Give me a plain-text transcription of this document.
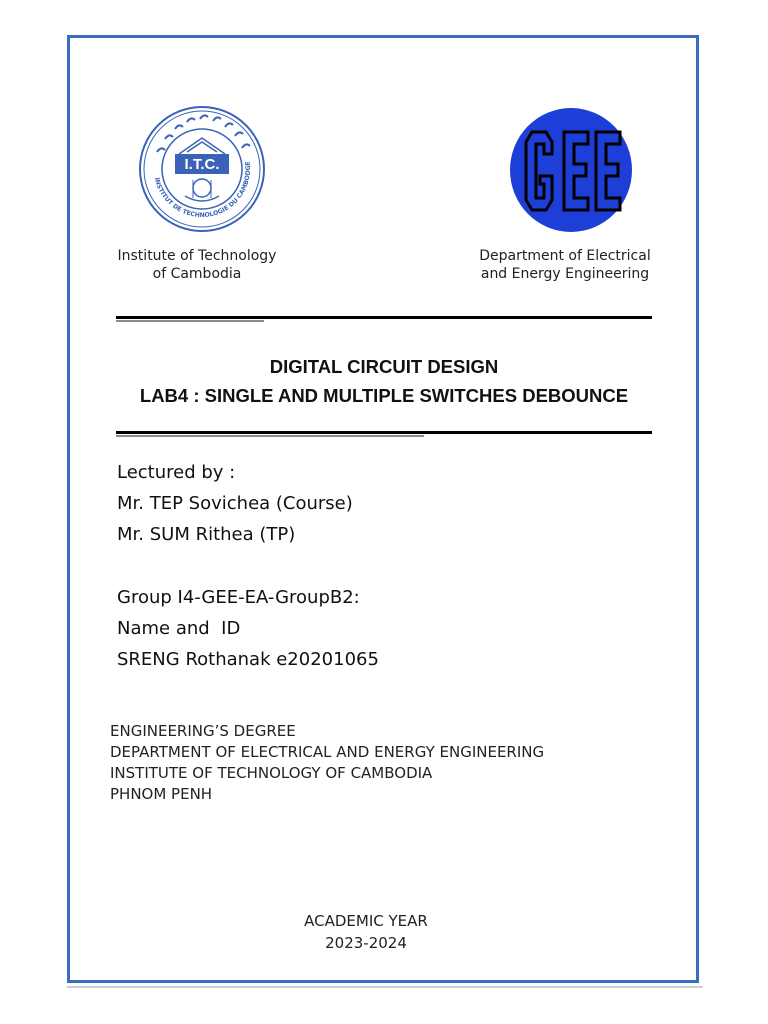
INSTITUT DE TECHNOLOGIE DU CAMBODGE
I.T.C.	GEE
Institute of Technology
of Cambodia
Department of Electrical
and Energy Engineering
DIGITAL CIRCUIT DESIGN
LAB4 : SINGLE AND MULTIPLE SWITCHES DEBOUNCE
Lectured by :
Mr. TEP Sovichea (Course)
Mr. SUM Rithea (TP)
Group I4-GEE-EA-GroupB2:
Name and  ID
SRENG Rothanak e20201065
ENGINEERING’S DEGREE
DEPARTMENT OF ELECTRICAL AND ENERGY ENGINEERING
INSTITUTE OF TECHNOLOGY OF CAMBODIA
PHNOM PENH
ACADEMIC YEAR
2023-2024
